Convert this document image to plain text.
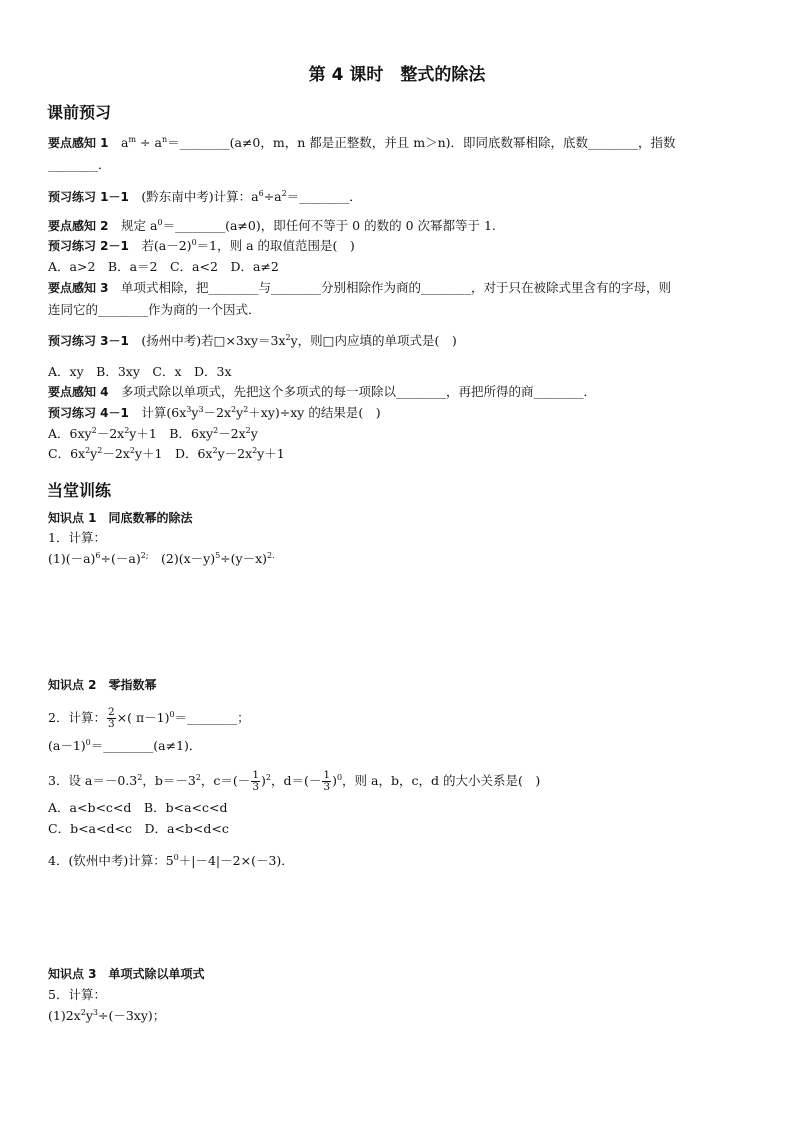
第 4 课时　整式的除法
课前预习
要点感知 1　$a^m$ ÷ $a^n=\_\_\_\_\_\_\_\_(a\ne 0$，m，n 都是正整数，并且 m＞n)．即同底数幂相除，底数________，指数
________．
预习练习 1－1　(黔东南中考)计算：$a^6\div a^2=\_\_\_\_\_\_\_\_$．
要点感知 2　规定 $a^0=\_\_\_\_\_\_\_\_(a\ne 0)$，即任何不等于 0 的数的 0 次幂都等于 1.
预习练习 2－1　若$(a-2)^0=1$，则 a 的取值范围是(　)
A．a>2　B．a＝2　C．a<2　D．a≠2
要点感知 3　单项式相除，把________与________分别相除作为商的________，对于只在被除式里含有的字母，则
连同它的________作为商的一个因式．
预习练习 3－1　(扬州中考)若$□\times 3xy=3x^2y$，则□内应填的单项式是(　)
A．xy　B．3xy　C．x　D．3x
要点感知 4　多项式除以单项式，先把这个多项式的每一项除以________，再把所得的商________．
预习练习 4－1　计算$(6x^3y^3-2x^2y^2+xy)\div xy$ 的结果是(　)
A．$6xy^2-2x^2y+1$　B．$6xy^2-2x^2y$
C．$6x^2y^2-2x^2y+1$　D．$6x^2y-2x^2y+1$
当堂训练
知识点 1　同底数幂的除法
1．计算：
$(1)(-a)^6\div(-a)^{2;}$　$(2)(x-y)^5\div(y-x)^{2.}$
知识点 2　零指数幂
2．计算： $\frac{2}{3}$ ×( π－1)$^0$＝________；
$(a-1)^0=\_\_\_\_\_\_\_\_(a\ne 1)$．
3．设 $a=-0.3^2$，$b=-3^2$，$c=(- \frac{1}{3} )^2$，$d=(- \frac{1}{3} )^0$，则 a，b，c，d 的大小关系是(　)
A．a<b<c<d　B．b<a<c<d
C．b<a<d<c　D．a<b<d<c
4．(钦州中考)计算：$5^0+|-4|-2\times(-3)$．
知识点 3　单项式除以单项式
5．计算：
$(1)2x^2y^3\div(-3xy)$；
